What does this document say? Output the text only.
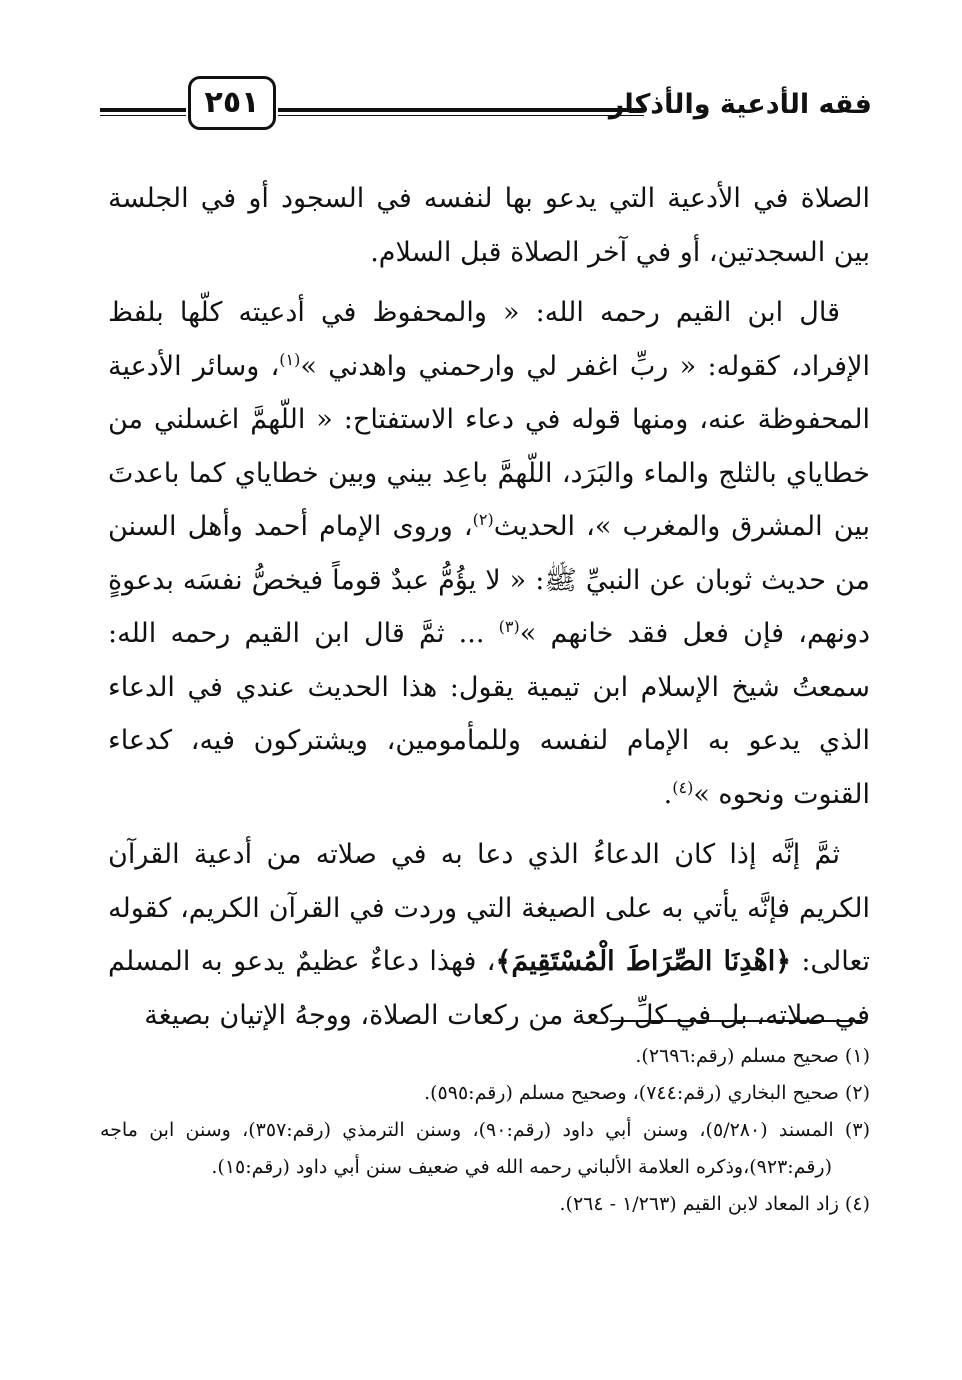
فقه الأدعية والأذكار
٢٥١

الصلاة في الأدعية التي يدعو بها لنفسه في السجود أو في الجلسة بين السجدتين، أو في آخر الصلاة قبل السلام.

قال ابن القيم رحمه الله: « والمحفوظ في أدعيته كلّها بلفظ الإفراد، كقوله: « ربِّ اغفر لي وارحمني واهدني »$^{(١)}$، وسائر الأدعية المحفوظة عنه، ومنها قوله في دعاء الاستفتاح: « اللّهمَّ اغسلني من خطاياي بالثلج والماء والبَرَد، اللّهمَّ باعِد بيني وبين خطاياي كما باعدتَ بين المشرق والمغرب »، الحديث$^{(٢)}$، وروى الإمام أحمد وأهل السنن من حديث ثوبان عن النبيِّ ﷺ: « لا يؤُمُّ عبدٌ قوماً فيخصُّ نفسَه بدعوةٍ دونهم، فإن فعل فقد خانهم »$^{(٣)}$ ... ثمَّ قال ابن القيم رحمه الله: سمعتُ شيخ الإسلام ابن تيمية يقول: هذا الحديث عندي في الدعاء الذي يدعو به الإمام لنفسه وللمأمومين، ويشتركون فيه، كدعاء القنوت ونحوه »$^{(٤)}$.

ثمَّ إنَّه إذا كان الدعاءُ الذي دعا به في صلاته من أدعية القرآن الكريم فإنَّه يأتي به على الصيغة التي وردت في القرآن الكريم، كقوله تعالى: ﴿اهْدِنَا الصِّرَاطَ الْمُسْتَقِيمَ﴾، فهذا دعاءٌ عظيمٌ يدعو به المسلم في صلاته، بل في كلِّ ركعة من ركعات الصلاة، ووجهُ الإتيان بصيغة

(١) صحيح مسلم (رقم:٢٦٩٦).

(٢) صحيح البخاري (رقم:٧٤٤)، وصحيح مسلم (رقم:٥٩٥).

(٣) المسند (٥/٢٨٠)، وسنن أبي داود (رقم:٩٠)، وسنن الترمذي (رقم:٣٥٧)، وسنن ابن ماجه (رقم:٩٢٣)،وذكره العلامة الألباني رحمه الله في ضعيف سنن أبي داود (رقم:١٥).

(٤) زاد المعاد لابن القيم (١/٢٦٣ - ٢٦٤).
